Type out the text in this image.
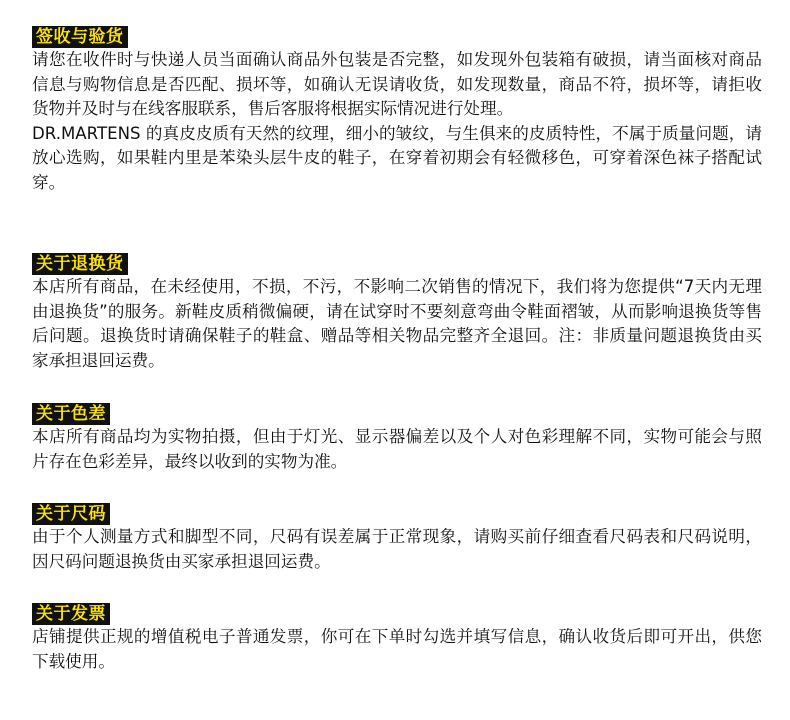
签收与验货

请您在收件时与快递人员当面确认商品外包装是否完整，如发现外包装箱有破损，请当面核对商品信息与购物信息是否匹配、损坏等，如确认无误请收货，如发现数量，商品不符，损坏等，请拒收货物并及时与在线客服联系，售后客服将根据实际情况进行处理。

DR.MARTENS 的真皮皮质有天然的纹理，细小的皱纹，与生俱来的皮质特性，不属于质量问题，请放心选购，如果鞋内里是苯染头层牛皮的鞋子，在穿着初期会有轻微移色，可穿着深色袜子搭配试穿。

关于退换货

本店所有商品，在未经使用，不损，不污，不影响二次销售的情况下，我们将为您提供“7天内无理由退换货”的服务。新鞋皮质稍微偏硬，请在试穿时不要刻意弯曲令鞋面褶皱，从而影响退换货等售后问题。退换货时请确保鞋子的鞋盒、赠品等相关物品完整齐全退回。注：非质量问题退换货由买家承担退回运费。

关于色差

本店所有商品均为实物拍摄，但由于灯光、显示器偏差以及个人对色彩理解不同，实物可能会与照片存在色彩差异，最终以收到的实物为准。

关于尺码

由于个人测量方式和脚型不同，尺码有误差属于正常现象，请购买前仔细查看尺码表和尺码说明，因尺码问题退换货由买家承担退回运费。

关于发票

店铺提供正规的增值税电子普通发票，你可在下单时勾选并填写信息，确认收货后即可开出，供您下载使用。
